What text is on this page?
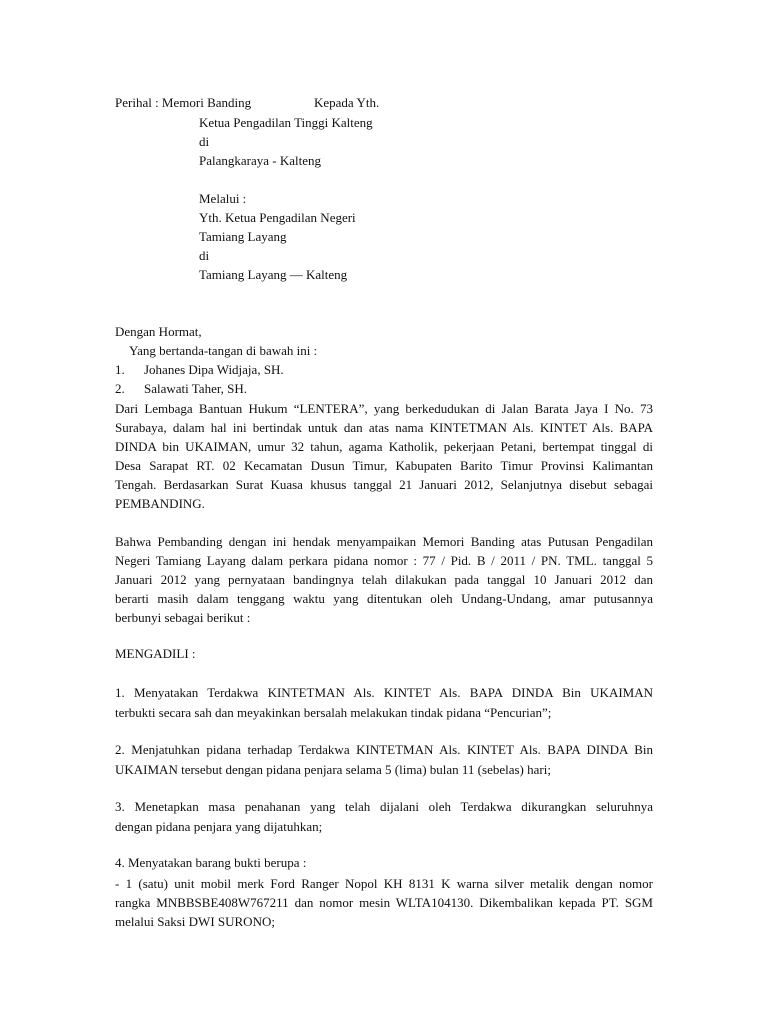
Perihal : Memori Banding	Kepada Yth.
Ketua Pengadilan Tinggi Kalteng
di
Palangkaraya - Kalteng
Melalui :
Yth. Ketua Pengadilan Negeri
Tamiang Layang
di
Tamiang Layang — Kalteng
Dengan Hormat,
Yang bertanda-tangan di bawah ini :
1. Johanes Dipa Widjaja, SH.
2. Salawati Taher, SH.
Dari Lembaga Bantuan Hukum “LENTERA”, yang berkedudukan di Jalan Barata Jaya I No. 73
Surabaya, dalam hal ini bertindak untuk dan atas nama KINTETMAN Als. KINTET Als. BAPA
DINDA bin UKAIMAN, umur 32 tahun, agama Katholik, pekerjaan Petani, bertempat tinggal di
Desa Sarapat RT. 02 Kecamatan Dusun Timur, Kabupaten Barito Timur Provinsi Kalimantan
Tengah. Berdasarkan Surat Kuasa khusus tanggal 21 Januari 2012, Selanjutnya disebut sebagai
PEMBANDING.
Bahwa Pembanding dengan ini hendak menyampaikan Memori Banding atas Putusan Pengadilan
Negeri Tamiang Layang dalam perkara pidana nomor : 77 / Pid. B / 2011 / PN. TML. tanggal 5
Januari 2012 yang pernyataan bandingnya telah dilakukan pada tanggal 10 Januari 2012 dan
berarti masih dalam tenggang waktu yang ditentukan oleh Undang-Undang, amar putusannya
berbunyi sebagai berikut :
MENGADILI :
1. Menyatakan Terdakwa KINTETMAN Als. KINTET Als. BAPA DINDA Bin UKAIMAN
terbukti secara sah dan meyakinkan bersalah melakukan tindak pidana “Pencurian”;
2. Menjatuhkan pidana terhadap Terdakwa KINTETMAN Als. KINTET Als. BAPA DINDA Bin
UKAIMAN tersebut dengan pidana penjara selama 5 (lima) bulan 11 (sebelas) hari;
3. Menetapkan masa penahanan yang telah dijalani oleh Terdakwa dikurangkan seluruhnya
dengan pidana penjara yang dijatuhkan;
4. Menyatakan barang bukti berupa :
- 1 (satu) unit mobil merk Ford Ranger Nopol KH 8131 K warna silver metalik dengan nomor
rangka MNBBSBE408W767211 dan nomor mesin WLTA104130. Dikembalikan kepada PT. SGM
melalui Saksi DWI SURONO;
